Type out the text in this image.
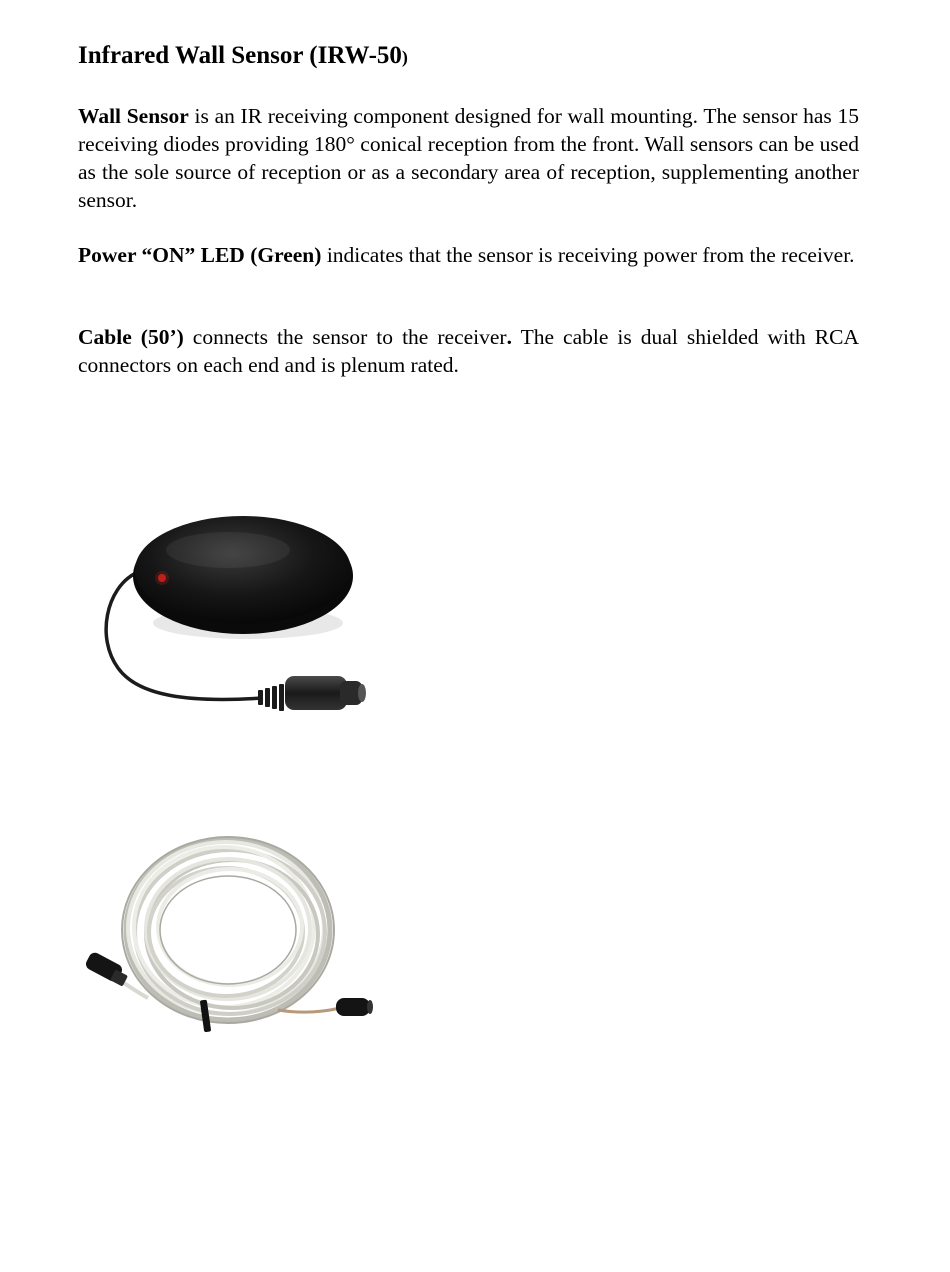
Infrared Wall Sensor (IRW-50)

Wall Sensor is an IR receiving component designed for wall mounting. The sensor has 15 receiving diodes providing 180° conical reception from the front. Wall sensors can be used as the sole source of reception or as a secondary area of reception, supplementing another sensor.

Power “ON” LED (Green) indicates that the sensor is receiving power from the receiver.

Cable (50’) connects the sensor to the receiver. The cable is dual shielded with RCA connectors on each end and is plenum rated.
